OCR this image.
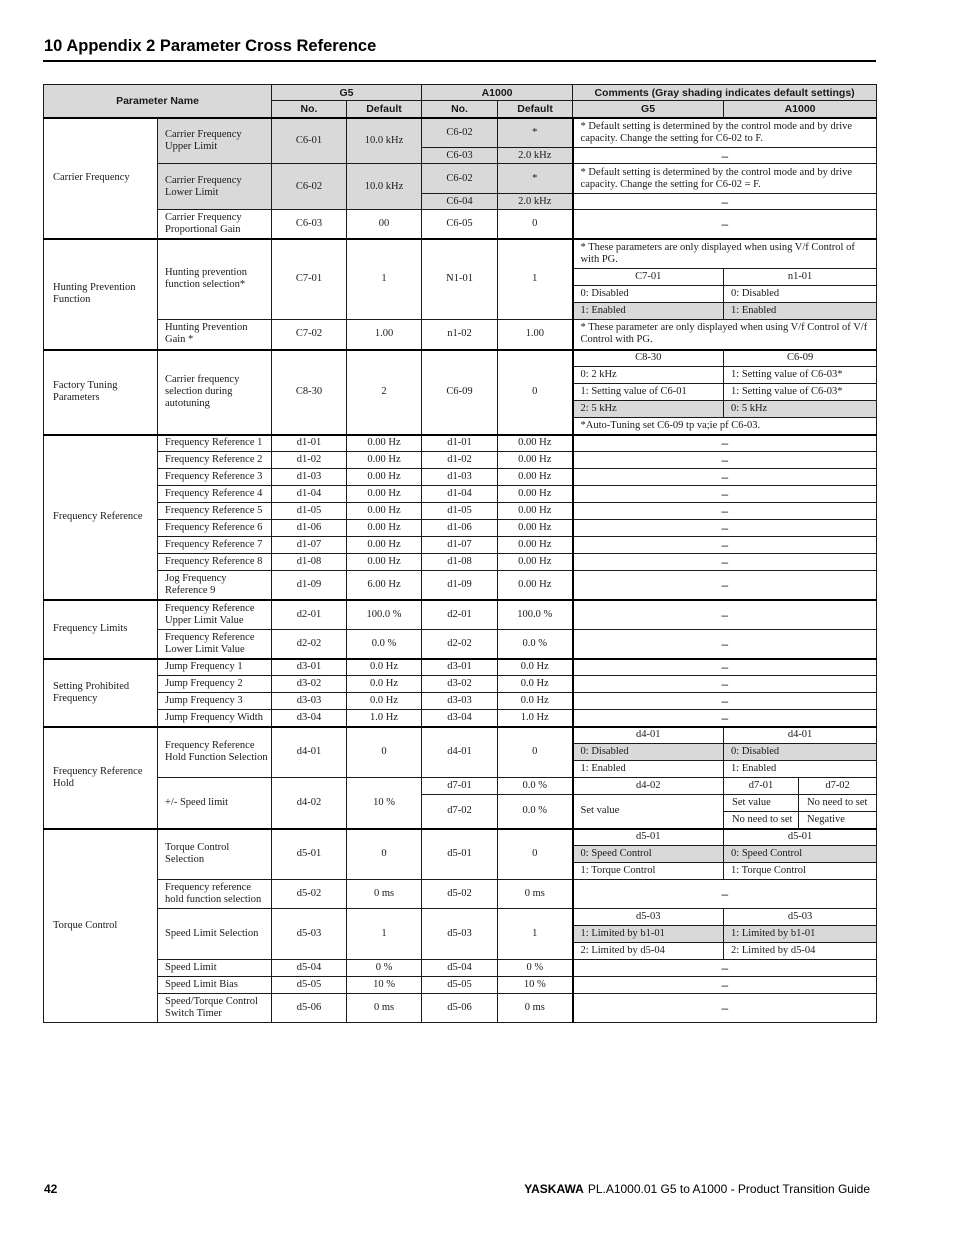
10 Appendix 2 Parameter Cross Reference
Parameter Name		G5		A1000		Comments (Gray shading indicates default settings)		
		No.	Default	No.	Default	G5	A1000	
Carrier Frequency	Carrier Frequency Upper Limit	C6-01	10.0 kHz	C6-02	*	* Default setting is determined by the control mode and by drive capacity. Change the setting for C6-02 to F.		
				C6-03	2.0 kHz	–		
	Carrier Frequency Lower Limit	C6-02	10.0 kHz	C6-02	*	* Default setting is determined by the control mode and by drive capacity. Change the setting for C6-02 = F.		
				C6-04	2.0 kHz	–		
	Carrier Frequency Proportional Gain	C6-03	00	C6-05	0	–		
Hunting Prevention Function	Hunting prevention function selection*	C7-01	1	N1-01	1	* These parameters are only displayed when using V/f Control of with PG.		
						C7-01	n1-01	
						0: Disabled	0: Disabled	
						1: Enabled	1: Enabled	
	Hunting Prevention Gain *	C7-02	1.00	n1-02	1.00	* These parameter are only displayed when using V/f Control of V/f Control with PG.		
Factory Tuning Parameters	Carrier frequency selection during autotuning	C8-30	2	C6-09	0	C8-30	C6-09	
						0: 2 kHz	1: Setting value of C6-03*	
						1: Setting value of C6-01	1: Setting value of C6-03*	
						2: 5 kHz	0: 5 kHz	
						*Auto-Tuning set C6-09 tp va;ie pf C6-03.		
Frequency Reference	Frequency Reference 1	d1-01	0.00 Hz	d1-01	0.00 Hz	–		
	Frequency Reference 2	d1-02	0.00 Hz	d1-02	0.00 Hz	–		
	Frequency Reference 3	d1-03	0.00 Hz	d1-03	0.00 Hz	–		
	Frequency Reference 4	d1-04	0.00 Hz	d1-04	0.00 Hz	–		
	Frequency Reference 5	d1-05	0.00 Hz	d1-05	0.00 Hz	–		
	Frequency Reference 6	d1-06	0.00 Hz	d1-06	0.00 Hz	–		
	Frequency Reference 7	d1-07	0.00 Hz	d1-07	0.00 Hz	–		
	Frequency Reference 8	d1-08	0.00 Hz	d1-08	0.00 Hz	–		
	Jog Frequency Reference 9	d1-09	6.00 Hz	d1-09	0.00 Hz	–		
Frequency Limits	Frequency Reference Upper Limit Value	d2-01	100.0 %	d2-01	100.0 %	–		
	Frequency Reference Lower Limit Value	d2-02	0.0 %	d2-02	0.0 %	–		
Setting Prohibited Frequency	Jump Frequency 1	d3-01	0.0 Hz	d3-01	0.0 Hz	–		
	Jump Frequency 2	d3-02	0.0 Hz	d3-02	0.0 Hz	–		
	Jump Frequency 3	d3-03	0.0 Hz	d3-03	0.0 Hz	–		
	Jump Frequency Width	d3-04	1.0 Hz	d3-04	1.0 Hz	–		
Frequency Reference Hold	Frequency Reference Hold Function Selection	d4-01	0	d4-01	0	d4-01	d4-01	
						0: Disabled	0: Disabled	
						1: Enabled	1: Enabled	
	+/- Speed limit	d4-02	10 %	d7-01	0.0 %	d4-02	d7-01	d7-02
				d7-02	0.0 %	Set value	Set value	No need to set
							No need to set	Negative
Torque Control	Torque Control Selection	d5-01	0	d5-01	0	d5-01	d5-01	
						0: Speed Control	0: Speed Control	
						1: Torque Control	1: Torque Control	
	Frequency reference hold function selection	d5-02	0 ms	d5-02	0 ms	–		
	Speed Limit Selection	d5-03	1	d5-03	1	d5-03	d5-03	
						1: Limited by b1-01	1: Limited by b1-01	
						2: Limited by d5-04	2: Limited by d5-04	
	Speed Limit	d5-04	0 %	d5-04	0 %	–		
	Speed Limit Bias	d5-05	10 %	d5-05	10 %	–		
	Speed/Torque Control Switch Timer	d5-06	0 ms	d5-06	0 ms	–		
42	YASKAWA PL.A1000.01 G5 to A1000 - Product Transition Guide
